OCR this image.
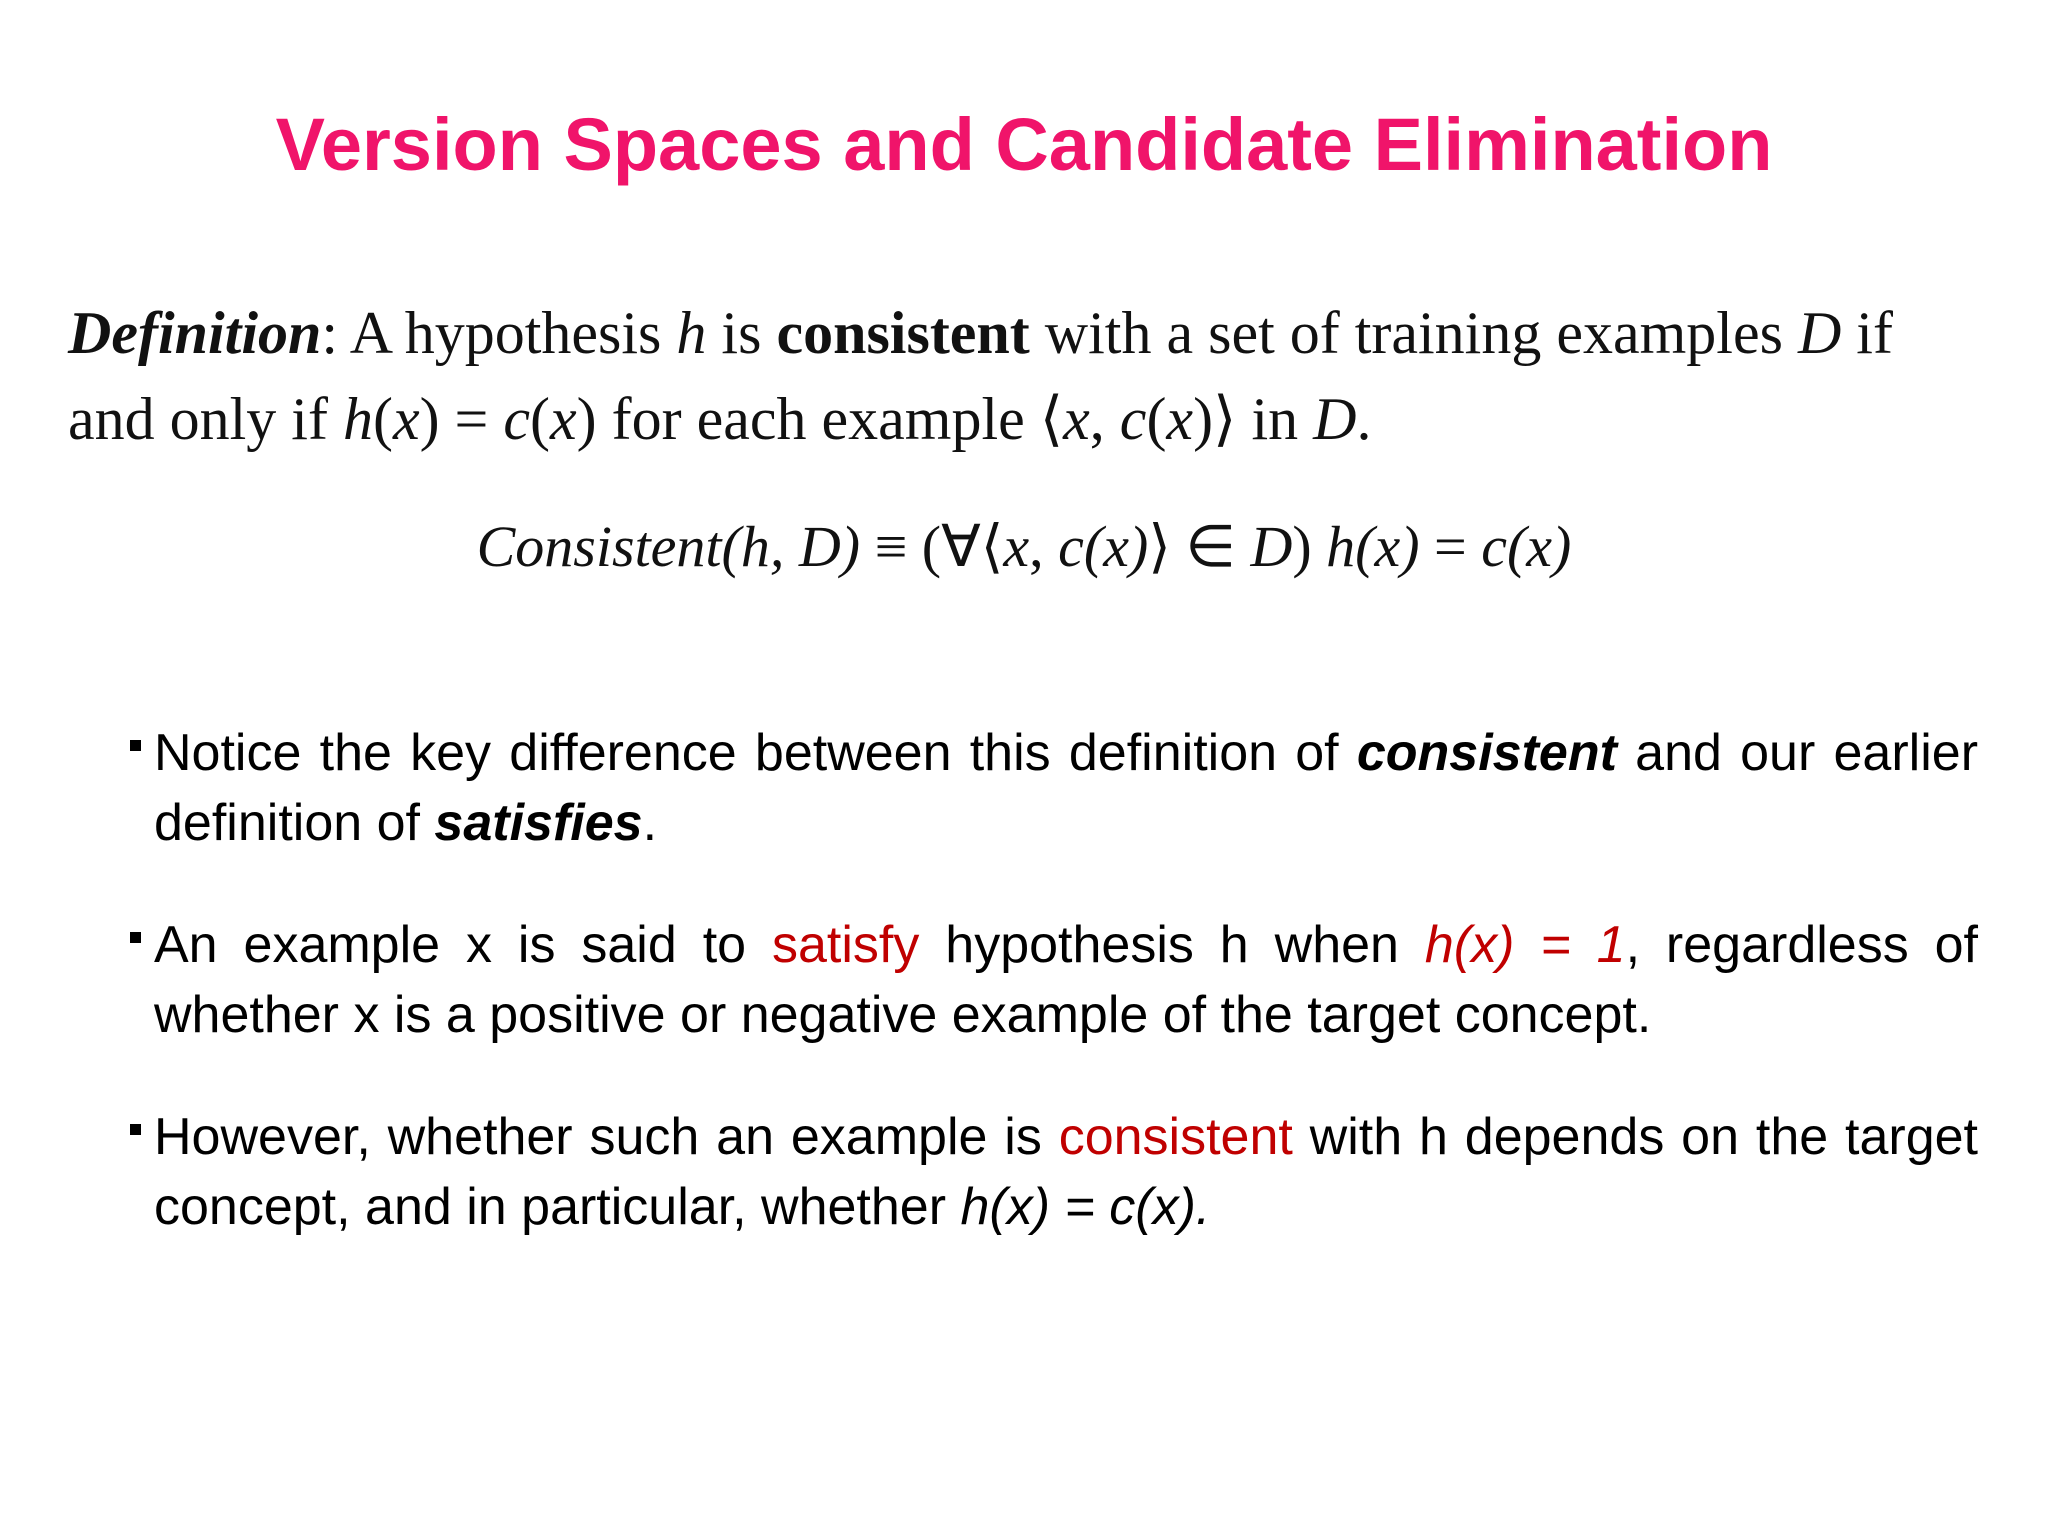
Version Spaces and Candidate Elimination

Definition: A hypothesis h is consistent with a set of training examples D if and only if h(x) = c(x) for each example ⟨x, c(x)⟩ in D.

Consistent(h, D) ≡ (∀⟨x, c(x)⟩ ∈ D) h(x) = c(x)

Notice the key difference between this definition of consistent and our earlier definition of satisfies.
An example x is said to satisfy hypothesis h when h(x) = 1, regardless of whether x is a positive or negative example of the target concept.
However, whether such an example is consistent with h depends on the target concept, and in particular, whether h(x) = c(x).
